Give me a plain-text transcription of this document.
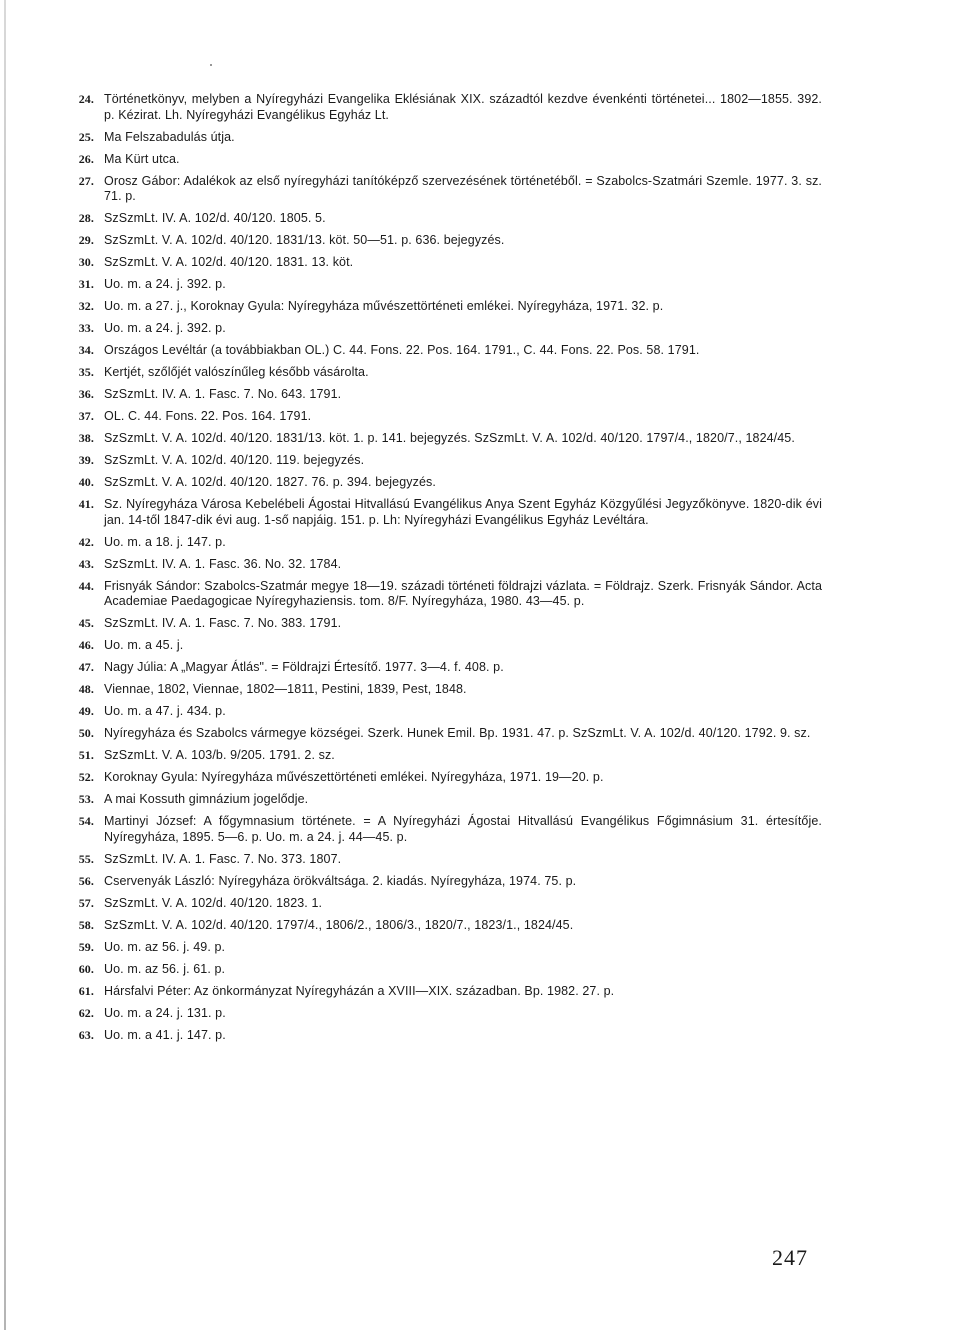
24. Történetkönyv, melyben a Nyíregyházi Evangelika Eklésiának XIX. századtól kezdve évenkénti történetei... 1802—1855. 392. p. Kézirat. Lh. Nyíregyházi Evangélikus Egyház Lt.
25. Ma Felszabadulás útja.
26. Ma Kürt utca.
27. Orosz Gábor: Adalékok az első nyíregyházi tanítóképző szervezésének történetéből. = Szabolcs-Szatmári Szemle. 1977. 3. sz. 71. p.
28. SzSzmLt. IV. A. 102/d. 40/120. 1805. 5.
29. SzSzmLt. V. A. 102/d. 40/120. 1831/13. köt. 50—51. p. 636. bejegyzés.
30. SzSzmLt. V. A. 102/d. 40/120. 1831. 13. köt.
31. Uo. m. a 24. j. 392. p.
32. Uo. m. a 27. j., Koroknay Gyula: Nyíregyháza művészettörténeti emlékei. Nyíregyháza, 1971. 32. p.
33. Uo. m. a 24. j. 392. p.
34. Országos Levéltár (a továbbiakban OL.) C. 44. Fons. 22. Pos. 164. 1791., C. 44. Fons. 22. Pos. 58. 1791.
35. Kertjét, szőlőjét valószínűleg később vásárolta.
36. SzSzmLt. IV. A. 1. Fasc. 7. No. 643. 1791.
37. OL. C. 44. Fons. 22. Pos. 164. 1791.
38. SzSzmLt. V. A. 102/d. 40/120. 1831/13. köt. 1. p. 141. bejegyzés. SzSzmLt. V. A. 102/d. 40/120. 1797/4., 1820/7., 1824/45.
39. SzSzmLt. V. A. 102/d. 40/120. 119. bejegyzés.
40. SzSzmLt. V. A. 102/d. 40/120. 1827. 76. p. 394. bejegyzés.
41. Sz. Nyíregyháza Városa Kebelébeli Ágostai Hitvallású Evangélikus Anya Szent Egyház Közgyűlési Jegyzőkönyve. 1820-dik évi jan. 14-től 1847-dik évi aug. 1-ső napjáig. 151. p. Lh: Nyíregyházi Evangélikus Egyház Levéltára.
42. Uo. m. a 18. j. 147. p.
43. SzSzmLt. IV. A. 1. Fasc. 36. No. 32. 1784.
44. Frisnyák Sándor: Szabolcs-Szatmár megye 18—19. századi történeti földrajzi vázlata. = Földrajz. Szerk. Frisnyák Sándor. Acta Academiae Paedagogicae Nyíregyhaziensis. tom. 8/F. Nyíregyháza, 1980. 43—45. p.
45. SzSzmLt. IV. A. 1. Fasc. 7. No. 383. 1791.
46. Uo. m. a 45. j.
47. Nagy Júlia: A „Magyar Átlás". = Földrajzi Értesítő. 1977. 3—4. f. 408. p.
48. Viennae, 1802, Viennae, 1802—1811, Pestini, 1839, Pest, 1848.
49. Uo. m. a 47. j. 434. p.
50. Nyíregyháza és Szabolcs vármegye községei. Szerk. Hunek Emil. Bp. 1931. 47. p. SzSzmLt. V. A. 102/d. 40/120. 1792. 9. sz.
51. SzSzmLt. V. A. 103/b. 9/205. 1791. 2. sz.
52. Koroknay Gyula: Nyíregyháza művészettörténeti emlékei. Nyíregyháza, 1971. 19—20. p.
53. A mai Kossuth gimnázium jogelődje.
54. Martinyi József: A főgymnasium története. = A Nyíregyházi Ágostai Hitvallású Evangélikus Főgimnásium 31. értesítője. Nyíregyháza, 1895. 5—6. p. Uo. m. a 24. j. 44—45. p.
55. SzSzmLt. IV. A. 1. Fasc. 7. No. 373. 1807.
56. Cservenyák László: Nyíregyháza örökváltsága. 2. kiadás. Nyíregyháza, 1974. 75. p.
57. SzSzmLt. V. A. 102/d. 40/120. 1823. 1.
58. SzSzmLt. V. A. 102/d. 40/120. 1797/4., 1806/2., 1806/3., 1820/7., 1823/1., 1824/45.
59. Uo. m. az 56. j. 49. p.
60. Uo. m. az 56. j. 61. p.
61. Hársfalvi Péter: Az önkormányzat Nyíregyházán a XVIII—XIX. században. Bp. 1982. 27. p.
62. Uo. m. a 24. j. 131. p.
63. Uo. m. a 41. j. 147. p.
247
